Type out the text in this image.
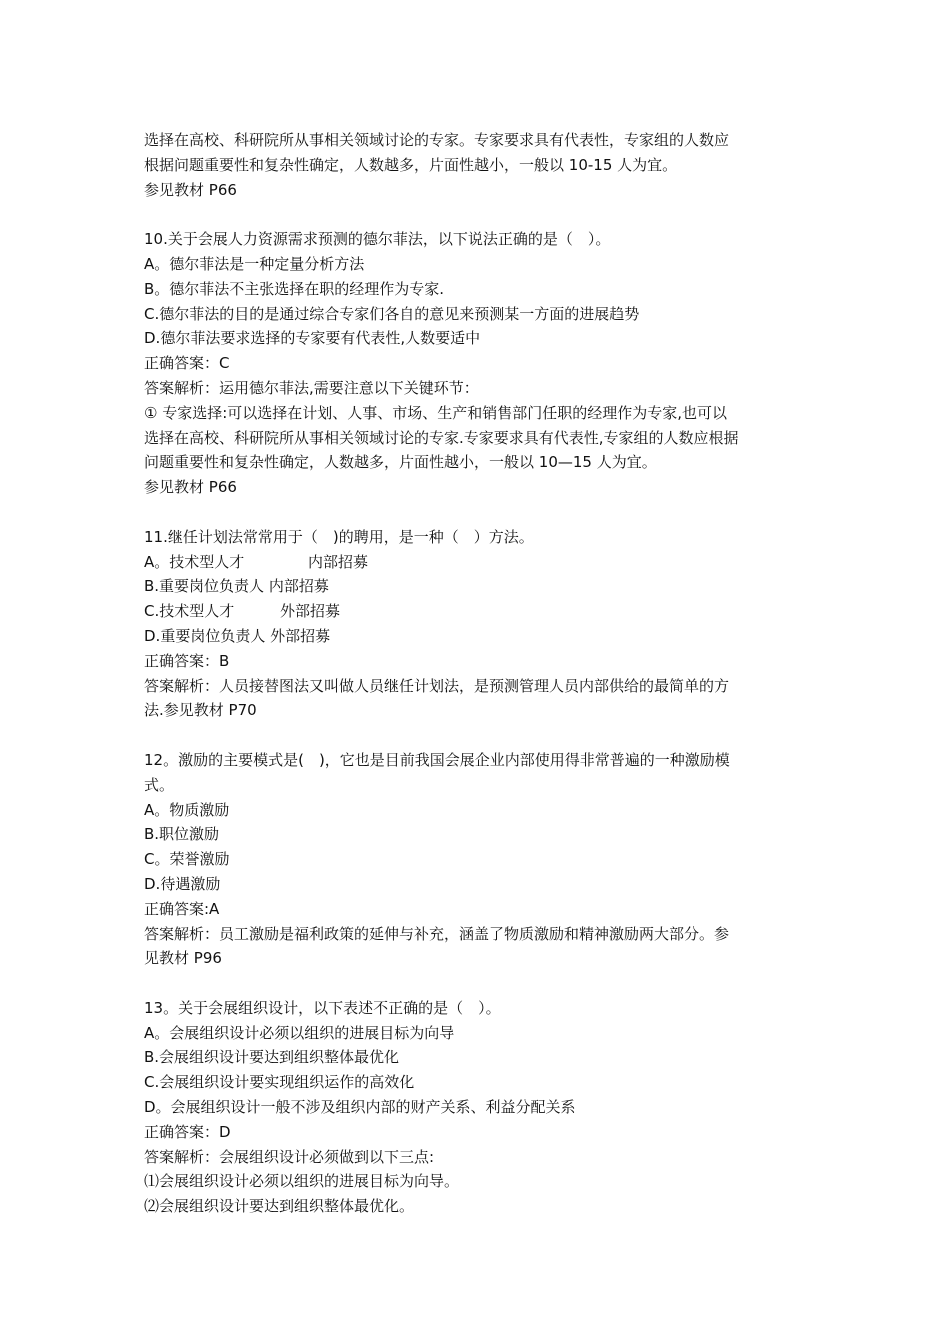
选择在高校、科研院所从事相关领域讨论的专家。专家要求具有代表性，专家组的人数应
根据问题重要性和复杂性确定，人数越多，片面性越小，一般以 10-15 人为宜。
参见教材 P66
10.关于会展人力资源需求预测的德尔菲法，以下说法正确的是（　）。
A。德尔菲法是一种定量分析方法
B。德尔菲法不主张选择在职的经理作为专家.
C.德尔菲法的目的是通过综合专家们各自的意见来预测某一方面的进展趋势
D.德尔菲法要求选择的专家要有代表性,人数要适中
正确答案：C
答案解析：运用德尔菲法,需要注意以下关键环节：
① 专家选择:可以选择在计划、人事、市场、生产和销售部门任职的经理作为专家,也可以
选择在高校、科研院所从事相关领域讨论的专家.专家要求具有代表性,专家组的人数应根据
问题重要性和复杂性确定，人数越多，片面性越小，一般以 10—15 人为宜。
参见教材 P66
11.继任计划法常常用于（　)的聘用，是一种（　）方法。
A。技术型人才	内部招募
B.重要岗位负责人 内部招募
C.技术型人才	外部招募
D.重要岗位负责人 外部招募
正确答案：B
答案解析：人员接替图法又叫做人员继任计划法，是预测管理人员内部供给的最简单的方
法.参见教材 P70
12。激励的主要模式是(　)，它也是目前我国会展企业内部使用得非常普遍的一种激励模
式。
A。物质激励
B.职位激励
C。荣誉激励
D.待遇激励
正确答案:A
答案解析：员工激励是福利政策的延伸与补充，涵盖了物质激励和精神激励两大部分。参
见教材 P96
13。关于会展组织设计，以下表述不正确的是（　）。
A。会展组织设计必须以组织的进展目标为向导
B.会展组织设计要达到组织整体最优化
C.会展组织设计要实现组织运作的高效化
D。会展组织设计一般不涉及组织内部的财产关系、利益分配关系
正确答案：D
答案解析：会展组织设计必须做到以下三点:
⑴会展组织设计必须以组织的进展目标为向导。
⑵会展组织设计要达到组织整体最优化。
